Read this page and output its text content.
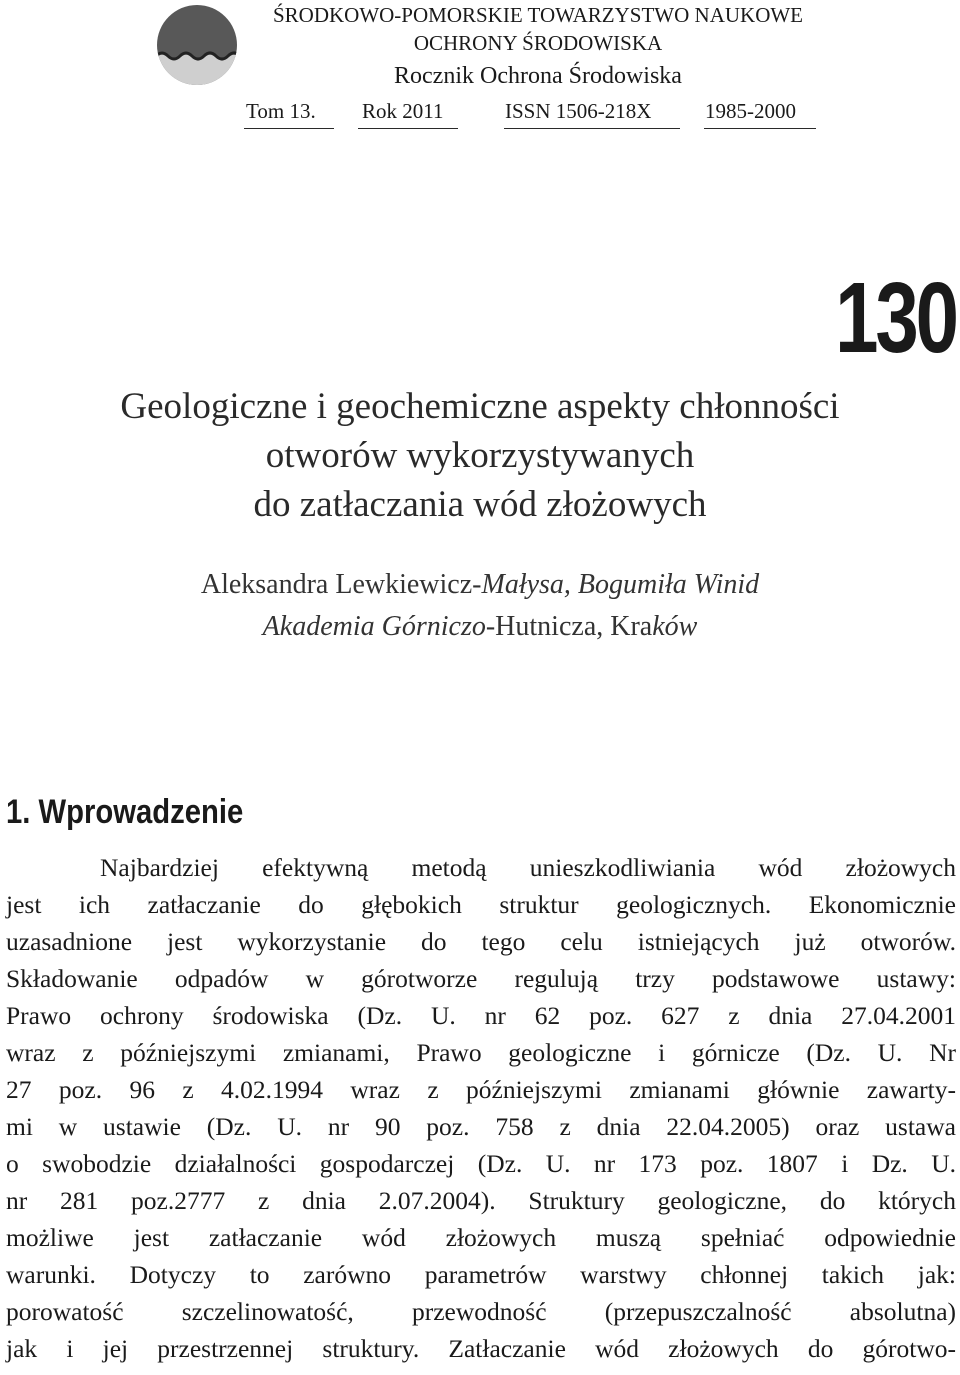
ŚRODKOWO-POMORSKIE TOWARZYSTWO NAUKOWE
OCHRONY ŚRODOWISKA
Rocznik Ochrona Środowiska
Tom 13. Rok 2011	ISSN 1506-218X	1985-2000
130
Geologiczne i geochemiczne aspekty chłonności
otworów wykorzystywanych
do zatłaczania wód złożowych
Aleksandra Lewkiewicz-Małysa, Bogumiła Winid
Akademia Górniczo-Hutnicza, Kraków
1. Wprowadzenie
Najbardziej efektywną metodą unieszkodliwiania wód złożowych
jest ich zatłaczanie do głębokich struktur geologicznych. Ekonomicznie
uzasadnione jest wykorzystanie do tego celu istniejących już otworów.
Składowanie odpadów w górotworze regulują trzy podstawowe ustawy:
Prawo ochrony środowiska (Dz. U. nr 62 poz. 627 z dnia 27.04.2001
wraz z późniejszymi zmianami, Prawo geologiczne i górnicze (Dz. U. Nr
27 poz. 96 z 4.02.1994 wraz z późniejszymi zmianami głównie zawarty-
mi w ustawie (Dz. U. nr 90 poz. 758 z dnia 22.04.2005) oraz ustawa
o swobodzie działalności gospodarczej (Dz. U. nr 173 poz. 1807 i Dz. U.
nr 281 poz.2777 z dnia 2.07.2004). Struktury geologiczne, do których
możliwe jest zatłaczanie wód złożowych muszą spełniać odpowiednie
warunki. Dotyczy to zarówno parametrów warstwy chłonnej takich jak:
porowatość szczelinowatość, przewodność (przepuszczalność absolutna)
jak i jej przestrzennej struktury. Zatłaczanie wód złożowych do górotwo-
